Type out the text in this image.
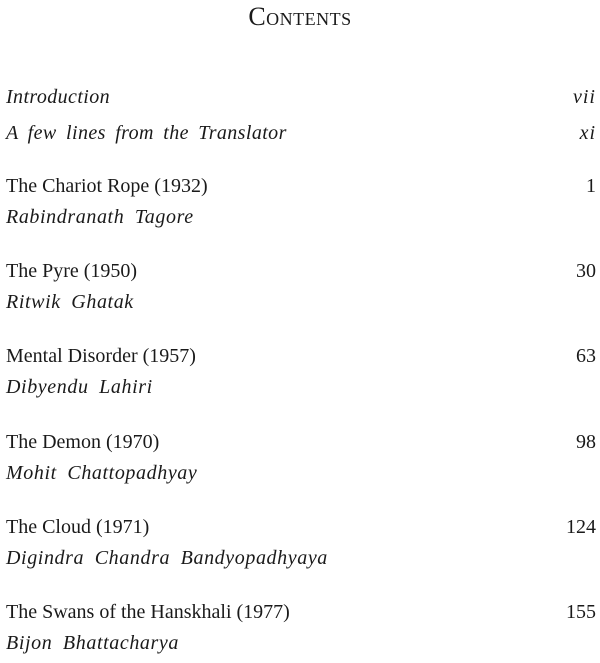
Contents
Introduction	vii
A few lines from the Translator	xi
The Chariot Rope (1932)	1
Rabindranath Tagore
The Pyre (1950)	30
Ritwik Ghatak
Mental Disorder (1957)	63
Dibyendu Lahiri
The Demon (1970)	98
Mohit Chattopadhyay
The Cloud (1971)	124
Digindra Chandra Bandyopadhyaya
The Swans of the Hanskhali (1977)	155
Bijon Bhattacharya
